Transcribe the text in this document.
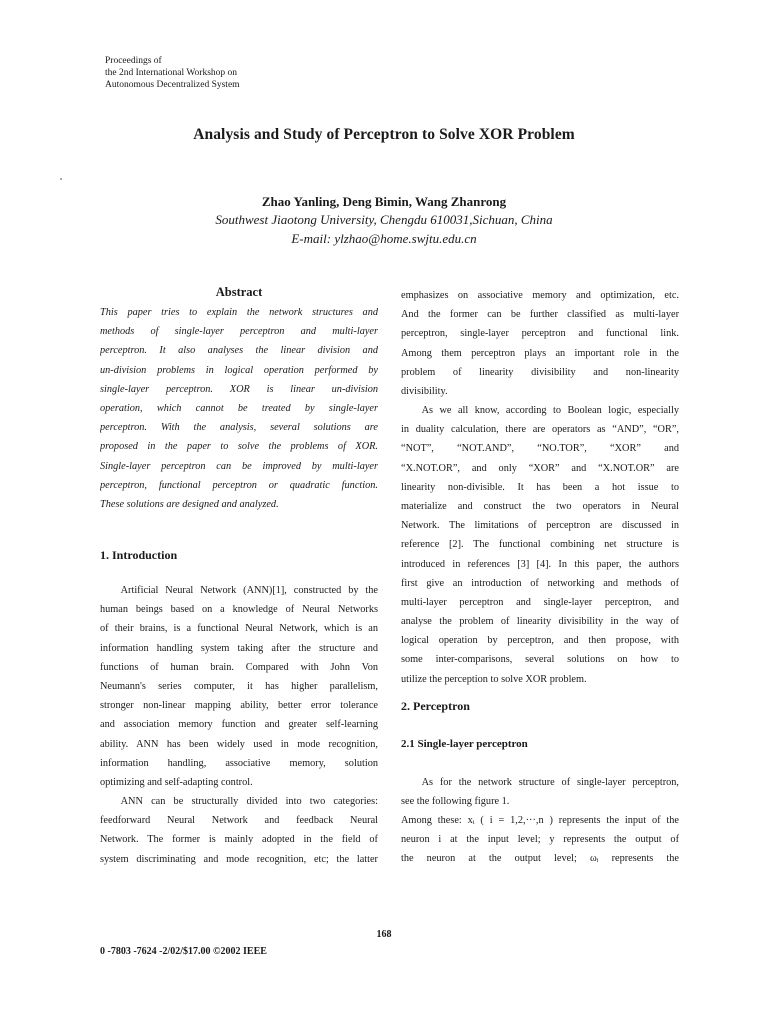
Proceedings of
the 2nd International Workshop on
Autonomous Decentralized System
Analysis and Study of Perceptron to Solve XOR Problem
Zhao Yanling, Deng Bimin, Wang Zhanrong
Southwest Jiaotong University, Chengdu 610031,Sichuan, China
E-mail: ylzhao@home.swjtu.edu.cn
Abstract
This paper tries to explain the network structures and
methods of single-layer perceptron and multi-layer
perceptron. It also analyses the linear division and
un-division problems in logical operation performed by
single-layer perceptron. XOR is linear un-division
operation, which cannot be treated by single-layer
perceptron. With the analysis, several solutions are
proposed in the paper to solve the problems of XOR.
Single-layer perceptron can be improved by multi-layer
perceptron, functional perceptron or quadratic function.
These solutions are designed and analyzed.
1. Introduction
Artificial Neural Network (ANN)[1], constructed by the
human beings based on a knowledge of Neural Networks
of their brains, is a functional Neural Network, which is an
information handling system taking after the structure and
functions of human brain. Compared with John Von
Neumann's series computer, it has higher parallelism,
stronger non-linear mapping ability, better error tolerance
and association memory function and greater self-learning
ability. ANN has been widely used in mode recognition,
information handling, associative memory, solution
optimizing and self-adapting control.
ANN can be structurally divided into two categories:
feedforward Neural Network and feedback Neural
Network. The former is mainly adopted in the field of
system discriminating and mode recognition, etc; the latter
emphasizes on associative memory and optimization, etc.
And the former can be further classified as multi-layer
perceptron, single-layer perceptron and functional link.
Among them perceptron plays an important role in the
problem of linearity divisibility and non-linearity
divisibility.
As we all know, according to Boolean logic, especially
in duality calculation, there are operators as “AND”, “OR”,
“NOT”, “NOT.AND”, “NO.TOR”, “XOR” and
“X.NOT.OR”, and only “XOR” and “X.NOT.OR” are
linearity non-divisible. It has been a hot issue to
materialize and construct the two operators in Neural
Network. The limitations of perceptron are discussed in
reference [2]. The functional combining net structure is
introduced in references [3] [4]. In this paper, the authors
first give an introduction of networking and methods of
multi-layer perceptron and single-layer perceptron, and
analyse the problem of linearity divisibility in the way of
logical operation by perceptron, and then propose, with
some inter-comparisons, several solutions on how to
utilize the perception to solve XOR problem.
2. Perceptron
2.1 Single-layer perceptron
As for the network structure of single-layer perceptron,
see the following figure 1.
Among these: xᵢ ( i = 1,2,···,n ) represents the input of the
neuron i at the input level; y represents the output of
the neuron at the output level; ωᵢ represents the
168
0 -7803 -7624 -2/02/$17.00 ©2002 IEEE
